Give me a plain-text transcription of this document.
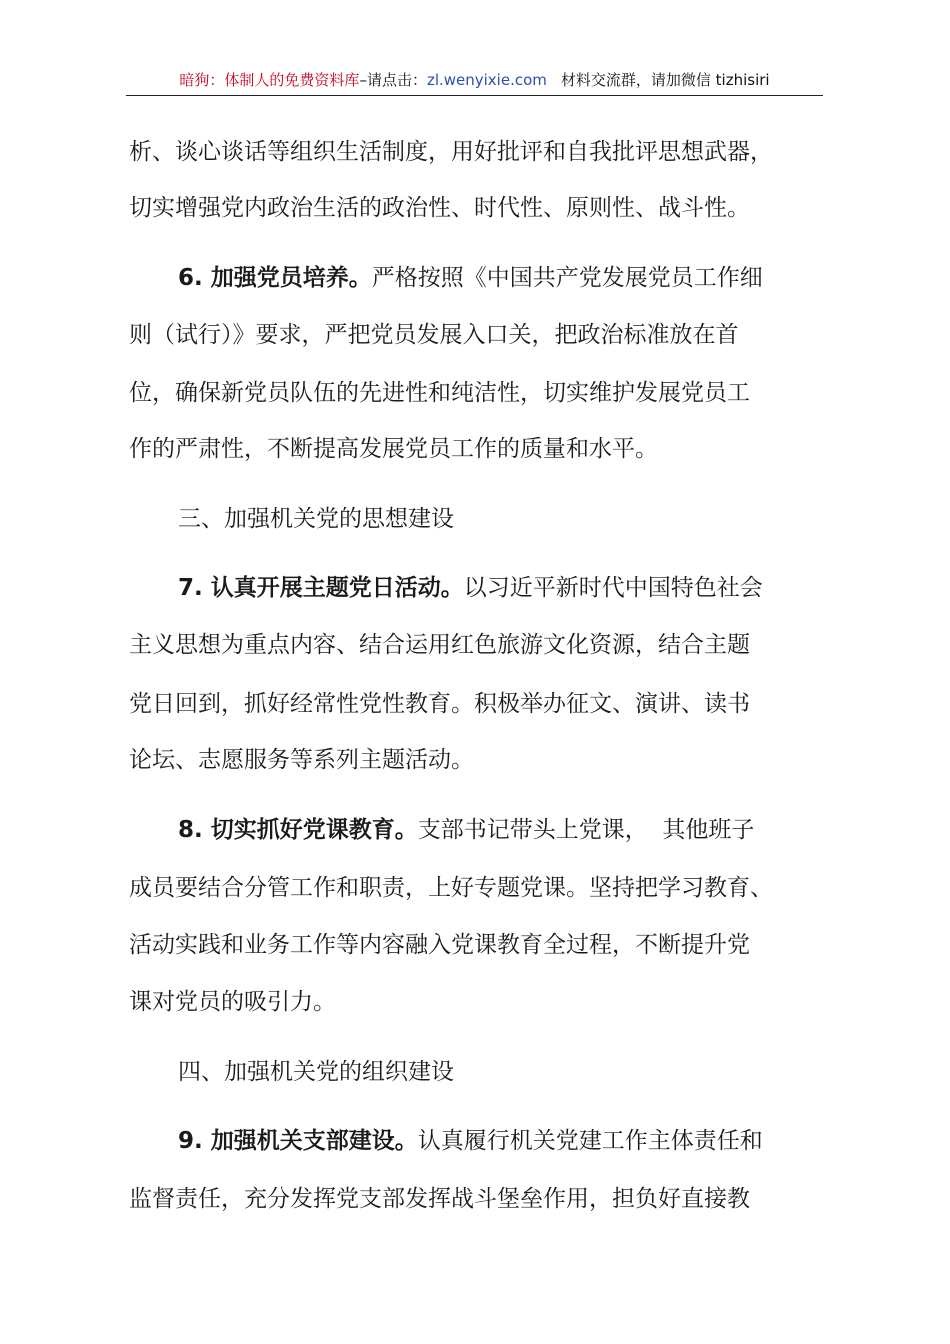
暗狗：体制人的免费资料库–请点击：zl.wenyixie.com 材料交流群，请加微信 tizhisiri
析、谈心谈话等组织生活制度，用好批评和自我批评思想武器，
切实增强党内政治生活的政治性、时代性、原则性、战斗性。
6. 加强党员培养。严格按照《中国共产党发展党员工作细
则（试行）》要求，严把党员发展入口关，把政治标准放在首
位，确保新党员队伍的先进性和纯洁性，切实维护发展党员工
作的严肃性，不断提高发展党员工作的质量和水平。
三、加强机关党的思想建设
7. 认真开展主题党日活动。以习近平新时代中国特色社会
主义思想为重点内容、结合运用红色旅游文化资源，结合主题
党日回到，抓好经常性党性教育。积极举办征文、演讲、读书
论坛、志愿服务等系列主题活动。
8. 切实抓好党课教育。支部书记带头上党课，  其他班子
成员要结合分管工作和职责，上好专题党课。坚持把学习教育、
活动实践和业务工作等内容融入党课教育全过程，不断提升党
课对党员的吸引力。
四、加强机关党的组织建设
9. 加强机关支部建设。认真履行机关党建工作主体责任和
监督责任，充分发挥党支部发挥战斗堡垒作用，担负好直接教
